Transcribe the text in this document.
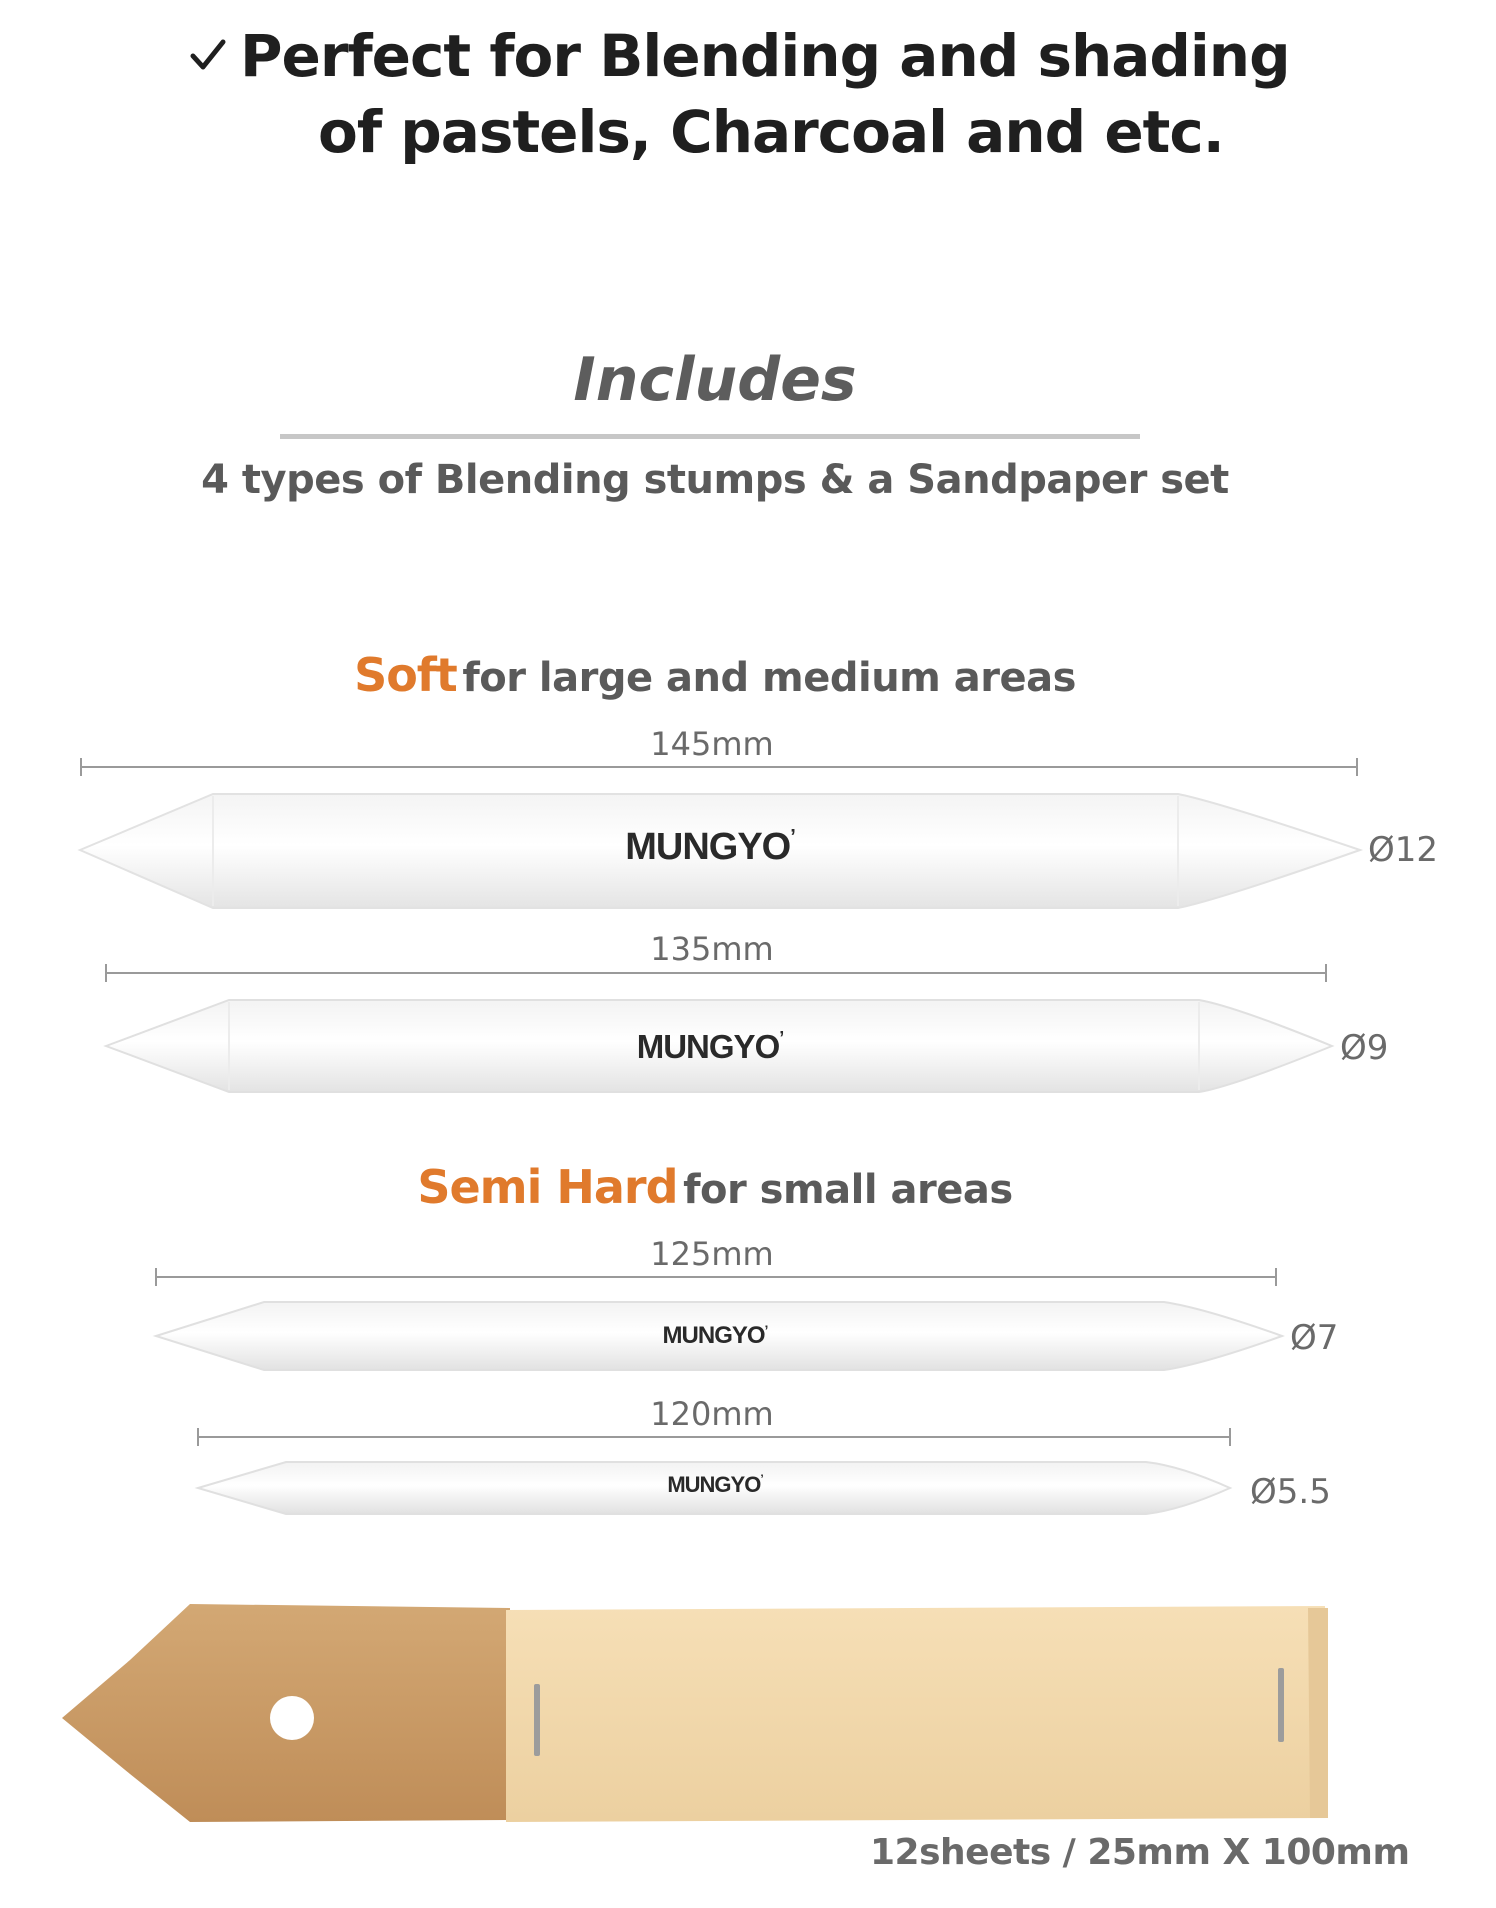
Perfect for Blending and shading
of pastels, Charcoal and etc.
Includes
4 types of Blending stumps & a Sandpaper set
Soft for large and medium areas
145mm
MUNGYO’	Ø12
135mm
MUNGYO’	Ø9
Semi Hard for small areas
125mm
MUNGYO’	Ø7
120mm
MUNGYO’	Ø5.5
12sheets / 25mm X 100mm
